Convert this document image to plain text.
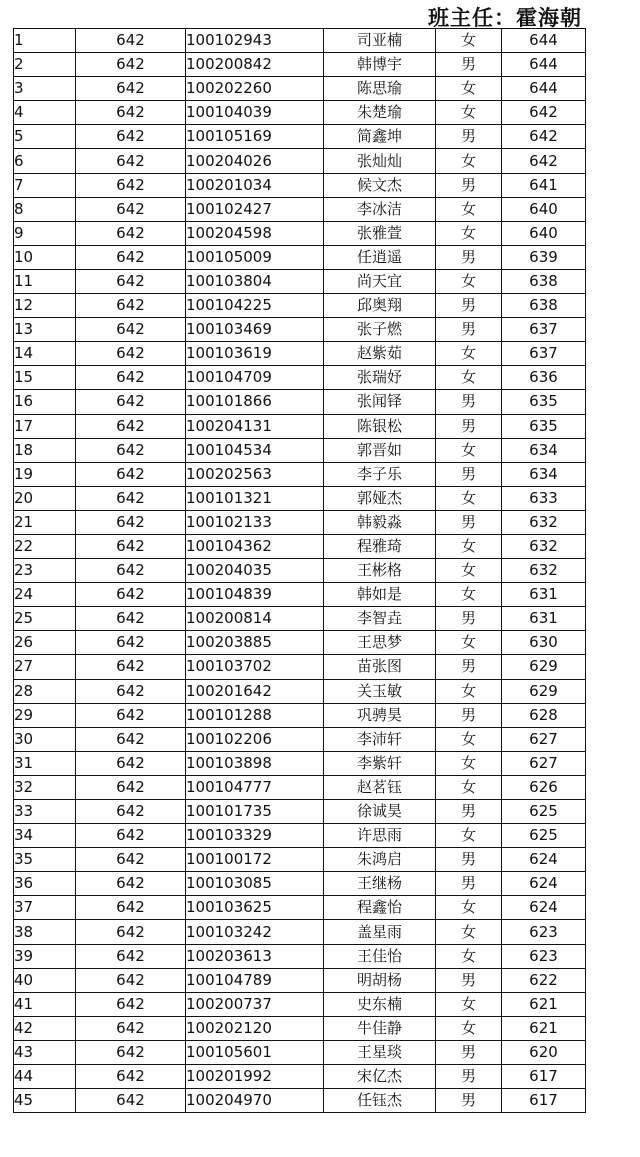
班主任：霍海朝
1	642	100102943	司亚楠	女	644
2	642	100200842	韩博宇	男	644
3	642	100202260	陈思瑜	女	644
4	642	100104039	朱楚瑜	女	642
5	642	100105169	简鑫坤	男	642
6	642	100204026	张灿灿	女	642
7	642	100201034	候文杰	男	641
8	642	100102427	李冰洁	女	640
9	642	100204598	张雅萱	女	640
10	642	100105009	任逍遥	男	639
11	642	100103804	尚天宜	女	638
12	642	100104225	邱奥翔	男	638
13	642	100103469	张子燃	男	637
14	642	100103619	赵紫茹	女	637
15	642	100104709	张瑞妤	女	636
16	642	100101866	张闻铎	男	635
17	642	100204131	陈银松	男	635
18	642	100104534	郭晋如	女	634
19	642	100202563	李子乐	男	634
20	642	100101321	郭娅杰	女	633
21	642	100102133	韩毅淼	男	632
22	642	100104362	程雅琦	女	632
23	642	100204035	王彬格	女	632
24	642	100104839	韩如是	女	631
25	642	100200814	李智垚	男	631
26	642	100203885	王思梦	女	630
27	642	100103702	苗张图	男	629
28	642	100201642	关玉敏	女	629
29	642	100101288	巩骋昊	男	628
30	642	100102206	李沛轩	女	627
31	642	100103898	李紫轩	女	627
32	642	100104777	赵茗钰	女	626
33	642	100101735	徐诚昊	男	625
34	642	100103329	许思雨	女	625
35	642	100100172	朱鸿启	男	624
36	642	100103085	王继杨	男	624
37	642	100103625	程鑫怡	女	624
38	642	100103242	盖星雨	女	623
39	642	100203613	王佳怡	女	623
40	642	100104789	明胡杨	男	622
41	642	100200737	史东楠	女	621
42	642	100202120	牛佳静	女	621
43	642	100105601	王星琰	男	620
44	642	100201992	宋亿杰	男	617
45	642	100204970	任钰杰	男	617
